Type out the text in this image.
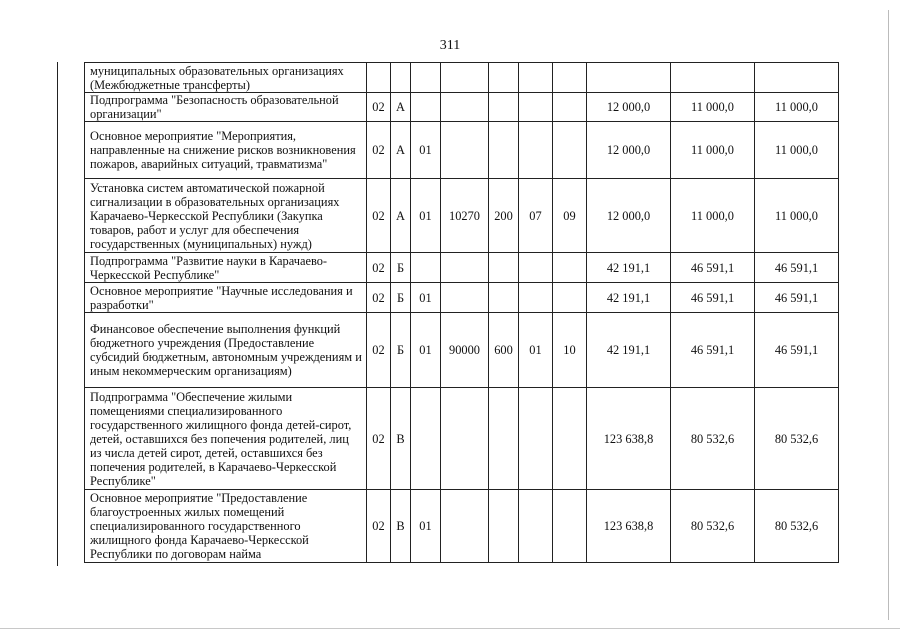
311
муниципальных образовательных организациях (Межбюджетные трансферты)										
Подпрограмма "Безопасность образовательной организации"	02	А						12 000,0	11 000,0	11 000,0
Основное мероприятие "Мероприятия, направленные на снижение рисков возникновения пожаров, аварийных ситуаций, травматизма"	02	А	01					12 000,0	11 000,0	11 000,0
Установка систем автоматической пожарной сигнализации в образовательных организациях Карачаево-Черкесской Республики (Закупка товаров, работ и услуг для обеспечения государственных (муниципальных) нужд)	02	А	01	10270	200	07	09	12 000,0	11 000,0	11 000,0
Подпрограмма "Развитие науки в Карачаево-Черкесской Республике"	02	Б						42 191,1	46 591,1	46 591,1
Основное мероприятие "Научные исследования и разработки"	02	Б	01					42 191,1	46 591,1	46 591,1
Финансовое обеспечение выполнения функций бюджетного учреждения (Предоставление субсидий бюджетным, автономным учреждениям и иным некоммерческим организациям)	02	Б	01	90000	600	01	10	42 191,1	46 591,1	46 591,1
Подпрограмма "Обеспечение жилыми помещениями специализированного государственного жилищного фонда детей-сирот, детей, оставшихся без попечения родителей, лиц из числа детей сирот, детей, оставшихся без попечения родителей, в Карачаево-Черкесской Республике"	02	В						123 638,8	80 532,6	80 532,6
Основное мероприятие "Предоставление благоустроенных жилых помещений специализированного государственного жилищного фонда Карачаево-Черкесской Республики по договорам найма	02	В	01					123 638,8	80 532,6	80 532,6
